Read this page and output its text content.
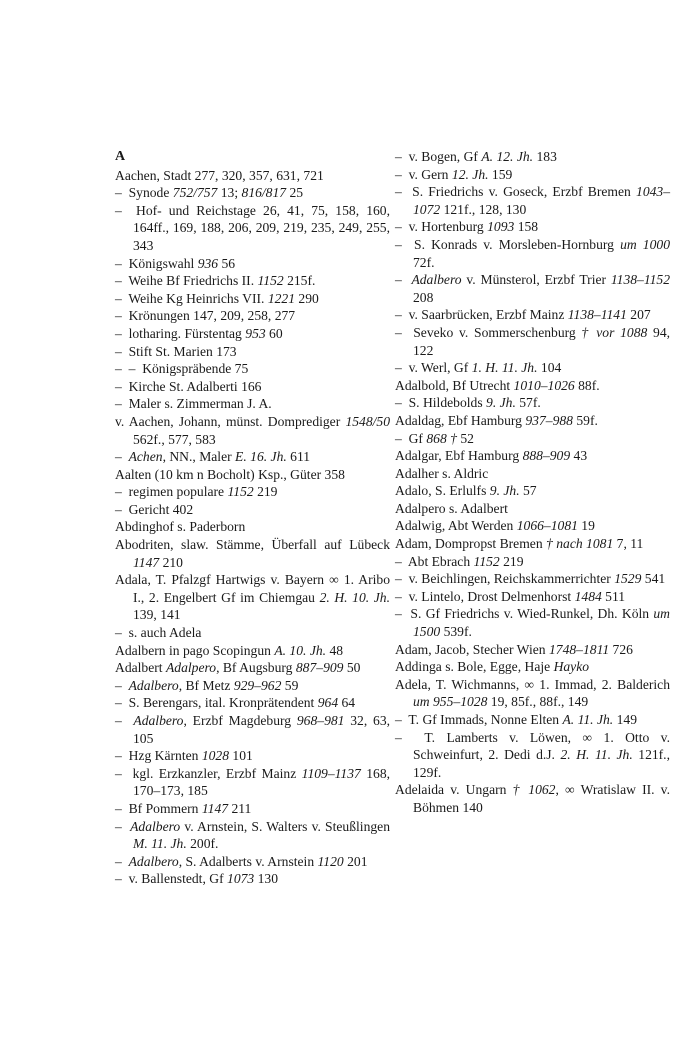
A
Aachen, Stadt 277, 320, 357, 631, 721
–  Synode 752/757 13; 816/817 25
–  Hof- und Reichstage 26, 41, 75, 158, 160, 164ff., 169, 188, 206, 209, 219, 235, 249, 255, 343
–  Königswahl 936 56
–  Weihe Bf Friedrichs II. 1152 215f.
–  Weihe Kg Heinrichs VII. 1221 290
–  Krönungen 147, 209, 258, 277
–  lotharing. Fürstentag 953 60
–  Stift St. Marien 173
–  –  Königspräbende 75
–  Kirche St. Adalberti 166
–  Maler s. Zimmerman J. A.
v. Aachen, Johann, münst. Domprediger 1548/50 562f., 577, 583
–  Achen, NN., Maler E. 16. Jh. 611
Aalten (10 km n Bocholt) Ksp., Güter 358
–  regimen populare 1152 219
–  Gericht 402
Abdinghof s. Paderborn
Abodriten, slaw. Stämme, Überfall auf Lübeck 1147 210
Adala, T. Pfalzgf Hartwigs v. Bayern ∞ 1. Aribo I., 2. Engelbert Gf im Chiemgau 2. H. 10. Jh. 139, 141
–  s. auch Adela
Adalbern in pago Scopingun A. 10. Jh. 48
Adalbert Adalpero, Bf Augsburg 887–909 50
–  Adalbero, Bf Metz 929–962 59
–  S. Berengars, ital. Kronprätendent 964 64
–  Adalbero, Erzbf Magdeburg 968–981 32, 63, 105
–  Hzg Kärnten 1028 101
–  kgl. Erzkanzler, Erzbf Mainz 1109–1137 168, 170–173, 185
–  Bf Pommern 1147 211
–  Adalbero v. Arnstein, S. Walters v. Steußlingen M. 11. Jh. 200f.
–  Adalbero, S. Adalberts v. Arnstein 1120 201
–  v. Ballenstedt, Gf 1073 130
–  v. Bogen, Gf A. 12. Jh. 183
–  v. Gern 12. Jh. 159
–  S. Friedrichs v. Goseck, Erzbf Bremen 1043–1072 121f., 128, 130
–  v. Hortenburg 1093 158
–  S. Konrads v. Morsleben-Hornburg um 1000 72f.
–  Adalbero v. Münsterol, Erzbf Trier 1138–1152 208
–  v. Saarbrücken, Erzbf Mainz 1138–1141 207
–  Seveko v. Sommerschenburg † vor 1088 94, 122
–  v. Werl, Gf 1. H. 11. Jh. 104
Adalbold, Bf Utrecht 1010–1026 88f.
–  S. Hildebolds 9. Jh. 57f.
Adaldag, Ebf Hamburg 937–988 59f.
–  Gf 868 † 52
Adalgar, Ebf Hamburg 888–909 43
Adalher s. Aldric
Adalo, S. Erlulfs 9. Jh. 57
Adalpero s. Adalbert
Adalwig, Abt Werden 1066–1081 19
Adam, Dompropst Bremen † nach 1081 7, 11
–  Abt Ebrach 1152 219
–  v. Beichlingen, Reichskammerrichter 1529 541
–  v. Lintelo, Drost Delmenhorst 1484 511
–  S. Gf Friedrichs v. Wied-Runkel, Dh. Köln um 1500 539f.
Adam, Jacob, Stecher Wien 1748–1811 726
Addinga s. Bole, Egge, Haje Hayko
Adela, T. Wichmanns, ∞ 1. Immad, 2. Balderich um 955–1028 19, 85f., 88f., 149
–  T. Gf Immads, Nonne Elten A. 11. Jh. 149
–  T. Lamberts v. Löwen, ∞ 1. Otto v. Schweinfurt, 2. Dedi d.J. 2. H. 11. Jh. 121f., 129f.
Adelaida v. Ungarn † 1062, ∞ Wratislaw II. v. Böhmen 140
